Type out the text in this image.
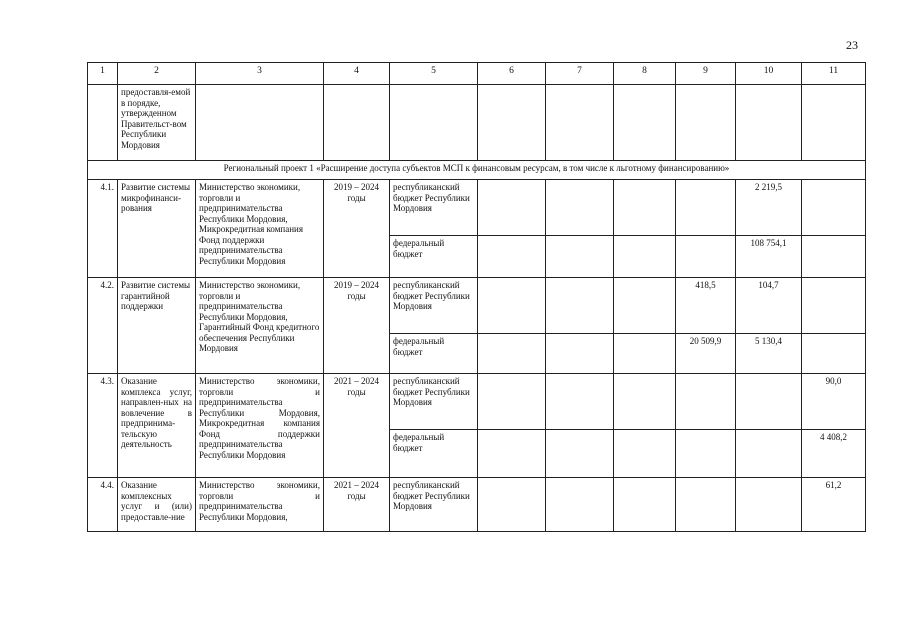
23
1	2	3	4	5	6	7	8	9	10	11
	предоставля-емой в порядке, утвержденном Правительст-вом Республики Мордовия									
Региональный проект 1 «Расширение доступа субъектов МСП к финансовым ресурсам, в том числе к льготному финансированию»										
4.1.	Развитие системы микрофинанси-рования	Министерство экономики, торговли и предпринимательства Республики Мордовия, Микрокредитная компания Фонд поддержки предпринимательства Республики Мордовия	2019 – 2024 годы	республиканский бюджет Республики Мордовия					2 219,5	
				федеральный бюджет					108 754,1	
4.2.	Развитие системы гарантийной поддержки	Министерство экономики, торговли и предпринимательства Республики Мордовия, Гарантийный Фонд кредитного обеспечения Республики Мордовия	2019 – 2024 годы	республиканский бюджет Республики Мордовия				418,5	104,7	
				федеральный бюджет				20 509,9	5 130,4	
4.3.	Оказание комплекса услуг, направлен-ных на вовлечение в предпринима-тельскую деятельность	Министерство экономики, торговли и предпринимательства Республики Мордовия, Микрокредитная компания Фонд поддержки предпринимательства Республики Мордовия	2021 – 2024 годы	республиканский бюджет Республики Мордовия						90,0
				федеральный бюджет						4 408,2
4.4.	Оказание комплексных услуг и (или) предоставле-ние	Министерство экономики, торговли и предпринимательства Республики Мордовия,	2021 – 2024 годы	республиканский бюджет Республики Мордовия						61,2
